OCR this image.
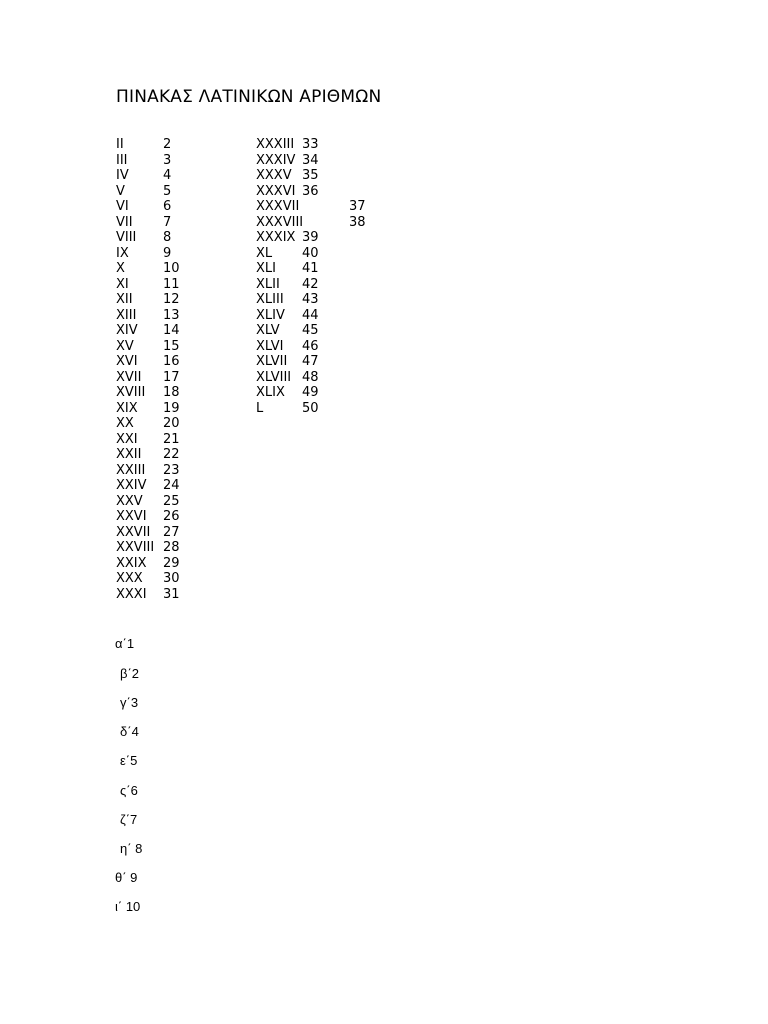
ΠΙΝΑΚΑΣ ΛΑΤΙΝΙΚΩΝ ΑΡΙΘΜΩΝ
II	2
III	3
IV	4
V	5
VI	6
VII 7
VIII 8
IX	9
X	10
XI	11
XII 12
XIII 13
XIV 14
XV 15
XVI 16
XVII 17
XVIII 18
XIX 19
XX 20
XXI 21
XXII 22
XXIII 23
XXIV 24
XXV 25
XXVI 26
XXVII 27
XXVIII 28
XXIX 29
XXX 30
XXXI 31
XXXIII 33
XXXIV 34
XXXV 35
XXXVI 36
XXXVII	37
XXXVIII	38
XXXIX 39
XL 40
XLI 41
XLII 42
XLIII 43
XLIV 44
XLV 45
XLVI 46
XLVII 47
XLVIII 48
XLIX 49
L	50
α΄1
β΄2
γ΄3
δ΄4
ε΄5
ς΄6
ζ΄7
η΄ 8
θ΄ 9
ι΄ 10
